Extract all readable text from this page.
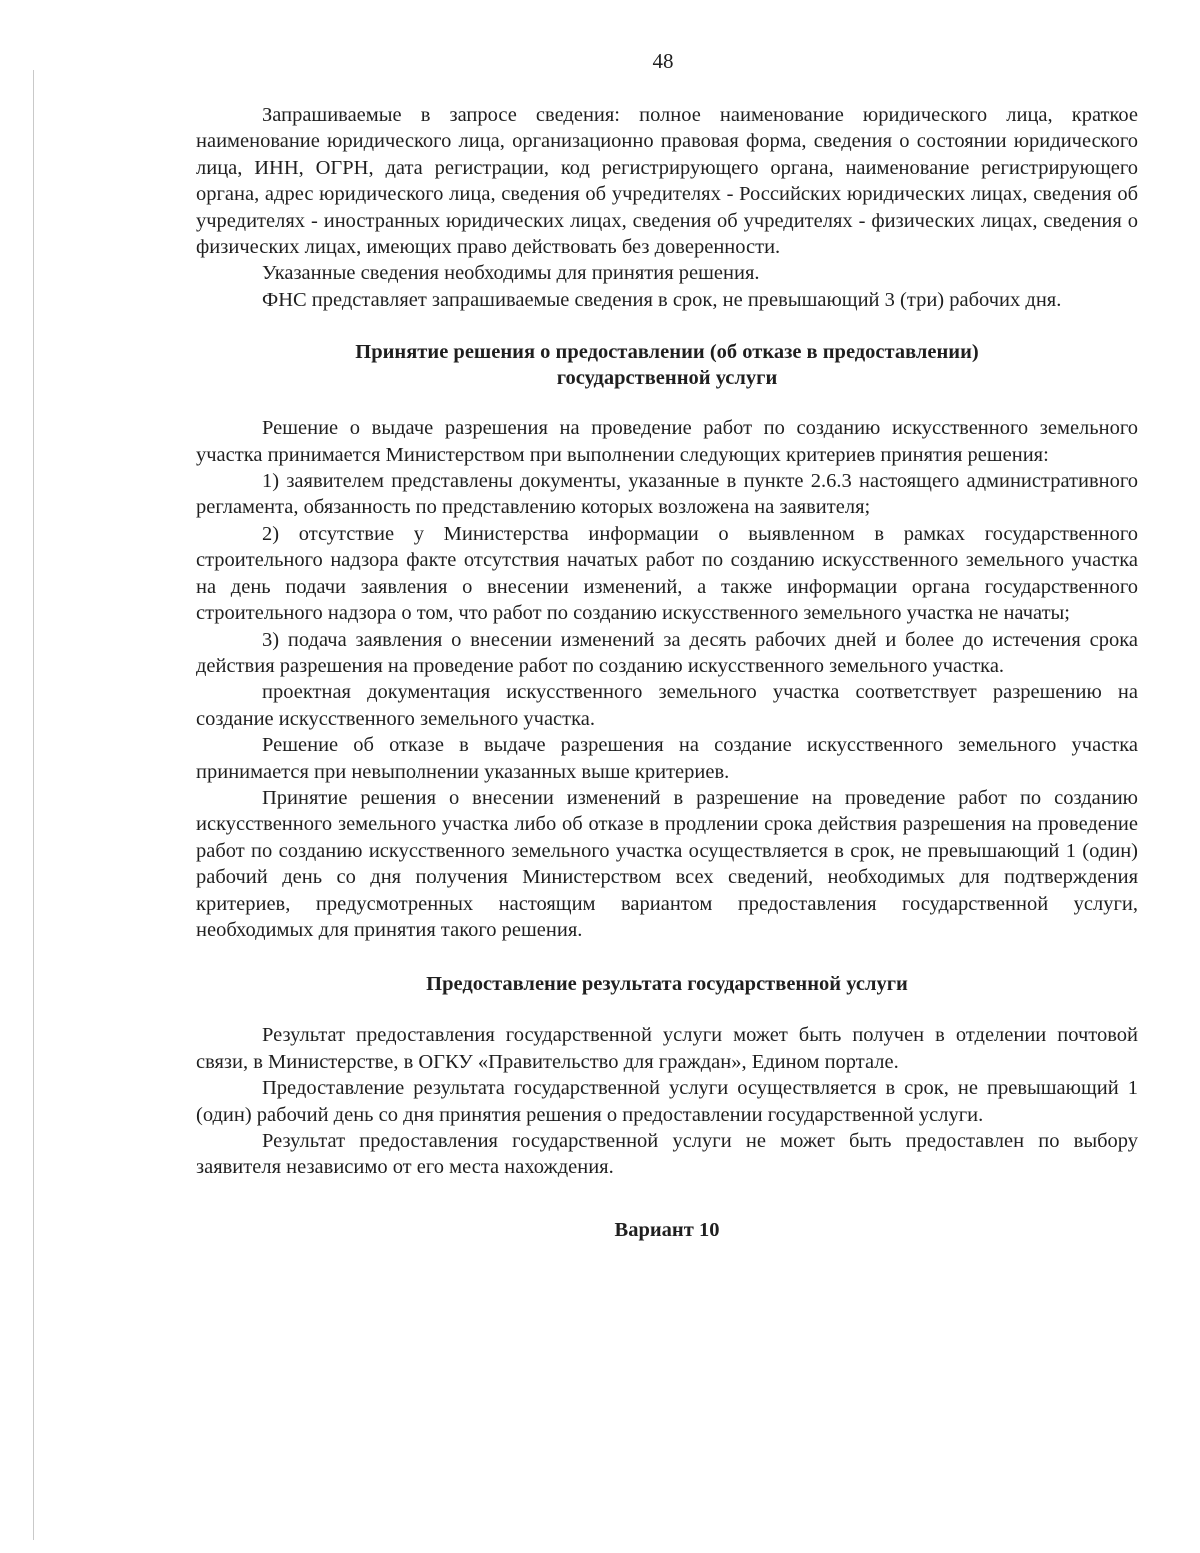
48

Запрашиваемые в запросе сведения: полное наименование юридического лица, краткое наименование юридического лица, организационно правовая форма, сведения о состоянии юридического лица, ИНН, ОГРН, дата регистрации, код регистрирующего органа, наименование регистрирующего органа, адрес юридического лица, сведения об учредителях - Российских юридических лицах, сведения об учредителях - иностранных юридических лицах, сведения об учредителях - физических лицах, сведения о физических лицах, имеющих право действовать без доверенности.

Указанные сведения необходимы для принятия решения.

ФНС представляет запрашиваемые сведения в срок, не превышающий 3 (три) рабочих дня.

Принятие решения о предоставлении (об отказе в предоставлении)
государственной услуги

Решение о выдаче разрешения на проведение работ по созданию искусственного земельного участка принимается Министерством при выполнении следующих критериев принятия решения:

1) заявителем представлены документы, указанные в пункте 2.6.3 настоящего административного регламента, обязанность по представлению которых возложена на заявителя;

2) отсутствие у Министерства информации о выявленном в рамках государственного строительного надзора факте отсутствия начатых работ по созданию искусственного земельного участка на день подачи заявления о внесении изменений, а также информации органа государственного строительного надзора о том, что работ по созданию искусственного земельного участка не начаты;

3) подача заявления о внесении изменений за десять рабочих дней и более до истечения срока действия разрешения на проведение работ по созданию искусственного земельного участка.

проектная документация искусственного земельного участка соответствует разрешению на создание искусственного земельного участка.

Решение об отказе в выдаче разрешения на создание искусственного земельного участка принимается при невыполнении указанных выше критериев.

Принятие решения о внесении изменений в разрешение на проведение работ по созданию искусственного земельного участка либо об отказе в продлении срока действия разрешения на проведение работ по созданию искусственного земельного участка осуществляется в срок, не превышающий 1 (один) рабочий день со дня получения Министерством всех сведений, необходимых для подтверждения критериев, предусмотренных настоящим вариантом предоставления государственной услуги, необходимых для принятия такого решения.

Предоставление результата государственной услуги

Результат предоставления государственной услуги может быть получен в отделении почтовой связи, в Министерстве, в ОГКУ «Правительство для граждан», Едином портале.

Предоставление результата государственной услуги осуществляется в срок, не превышающий 1 (один) рабочий день со дня принятия решения о предоставлении государственной услуги.

Результат предоставления государственной услуги не может быть предоставлен по выбору заявителя независимо от его места нахождения.

Вариант 10
